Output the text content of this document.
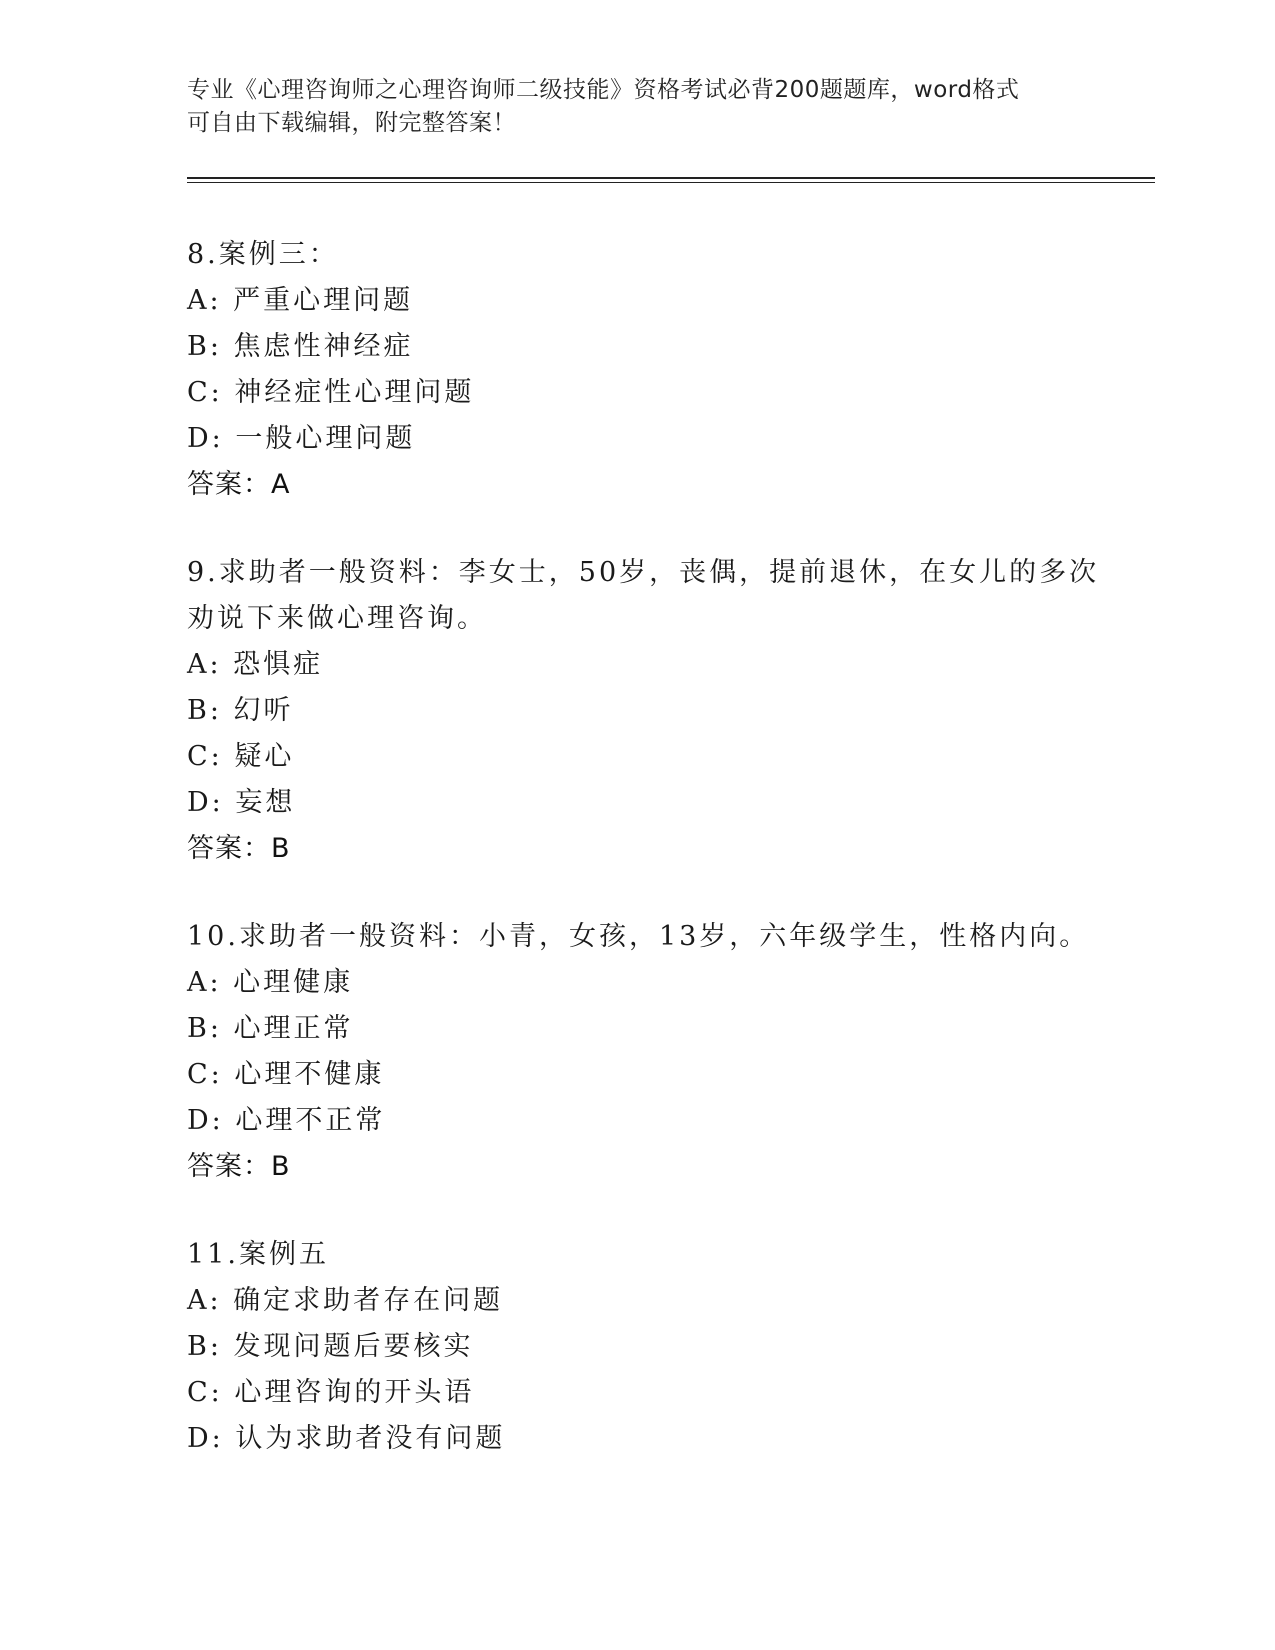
专业《心理咨询师之心理咨询师二级技能》资格考试必背200题题库，word格式
可自由下载编辑，附完整答案！
8.案例三：
A: 严重心理问题
B: 焦虑性神经症
C: 神经症性心理问题
D: 一般心理问题
答案：A
9.求助者一般资料：李女士，50岁，丧偶，提前退休，在女儿的多次
劝说下来做心理咨询。
A: 恐惧症
B: 幻听
C: 疑心
D: 妄想
答案：B
10.求助者一般资料：小青，女孩，13岁，六年级学生，性格内向。
A: 心理健康
B: 心理正常
C: 心理不健康
D: 心理不正常
答案：B
11.案例五
A: 确定求助者存在问题
B: 发现问题后要核实
C: 心理咨询的开头语
D: 认为求助者没有问题
